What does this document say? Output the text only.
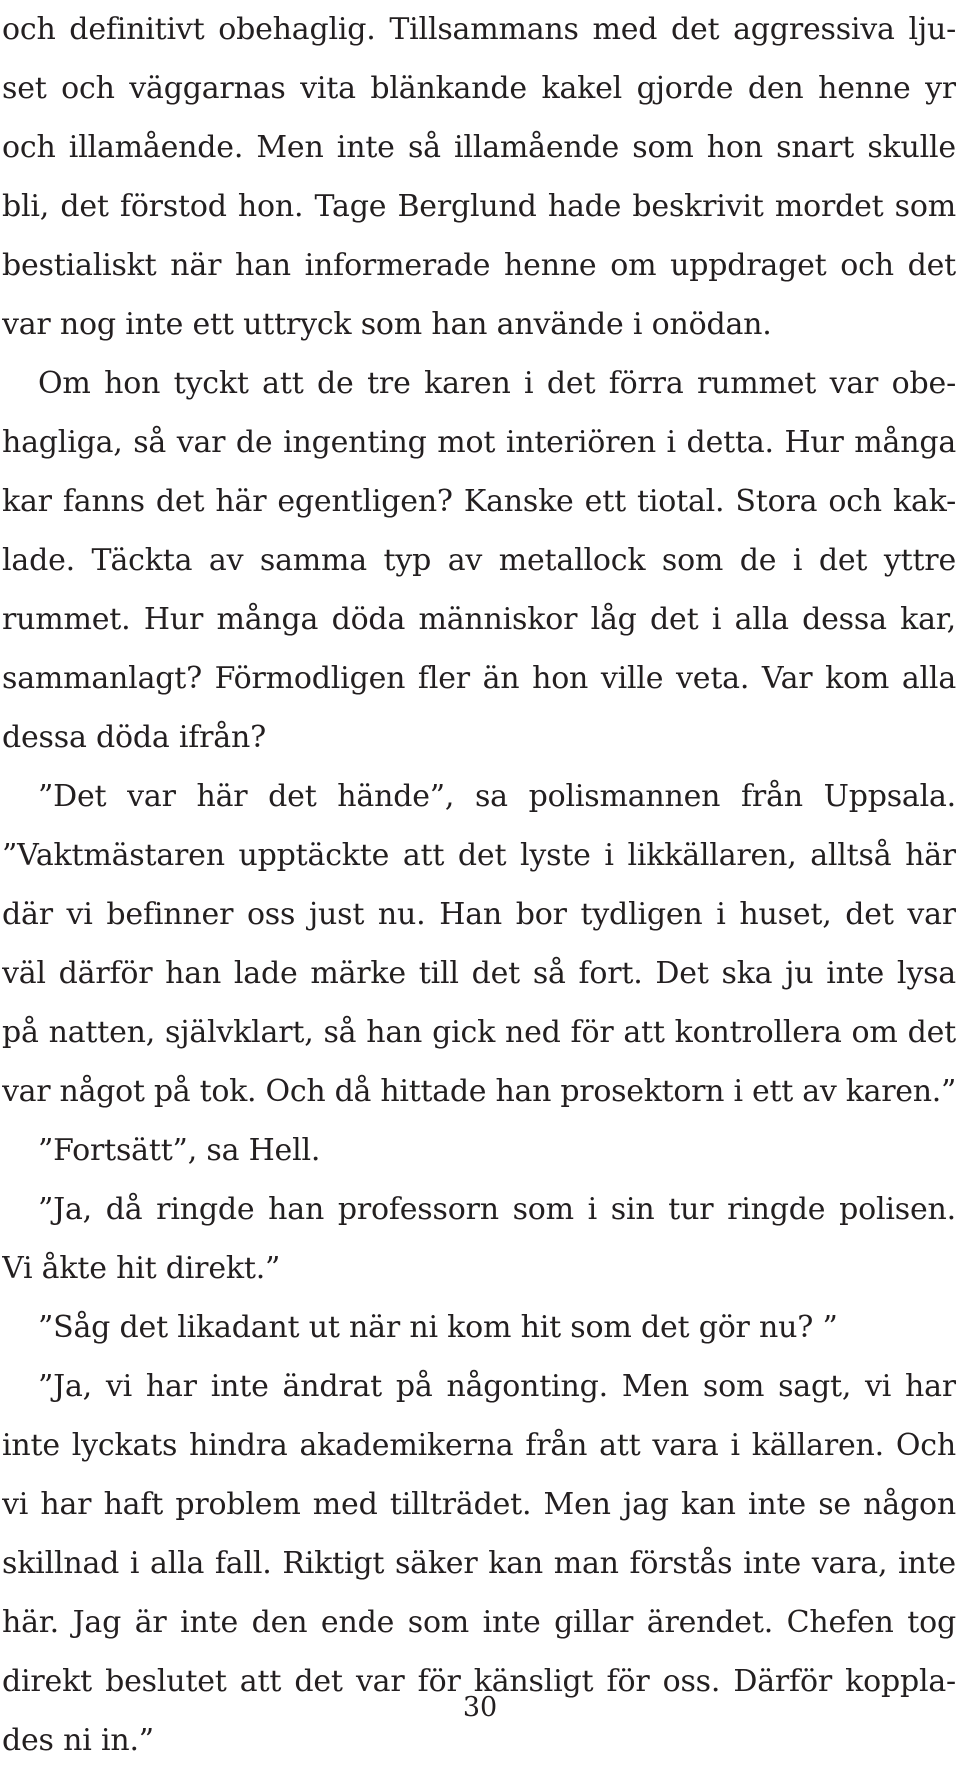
och definitivt obehaglig. Tillsammans med det aggressiva lju-
set och väggarnas vita blänkande kakel gjorde den henne yr
och illamående. Men inte så illamående som hon snart skulle
bli, det förstod hon. Tage Berglund hade beskrivit mordet som
bestialiskt när han informerade henne om uppdraget och det
var nog inte ett uttryck som han använde i onödan.
Om hon tyckt att de tre karen i det förra rummet var obe-
hagliga, så var de ingenting mot interiören i detta. Hur många
kar fanns det här egentligen? Kanske ett tiotal. Stora och kak-
lade. Täckta av samma typ av metallock som de i det yttre
rummet. Hur många döda människor låg det i alla dessa kar,
sammanlagt? Förmodligen fler än hon ville veta. Var kom alla
dessa döda ifrån?
”Det var här det hände”, sa polismannen från Uppsala.
”Vaktmästaren upptäckte att det lyste i likkällaren, alltså här
där vi befinner oss just nu. Han bor tydligen i huset, det var
väl därför han lade märke till det så fort. Det ska ju inte lysa
på natten, självklart, så han gick ned för att kontrollera om det
var något på tok. Och då hittade han prosektorn i ett av karen.”
”Fortsätt”, sa Hell.
”Ja, då ringde han professorn som i sin tur ringde polisen.
Vi åkte hit direkt.”
”Såg det likadant ut när ni kom hit som det gör nu? ”
”Ja, vi har inte ändrat på någonting. Men som sagt, vi har
inte lyckats hindra akademikerna från att vara i källaren. Och
vi har haft problem med tillträdet. Men jag kan inte se någon
skillnad i alla fall. Riktigt säker kan man förstås inte vara, inte
här. Jag är inte den ende som inte gillar ärendet. Chefen tog
direkt beslutet att det var för känsligt för oss. Därför koppla-
des ni in.”
30
